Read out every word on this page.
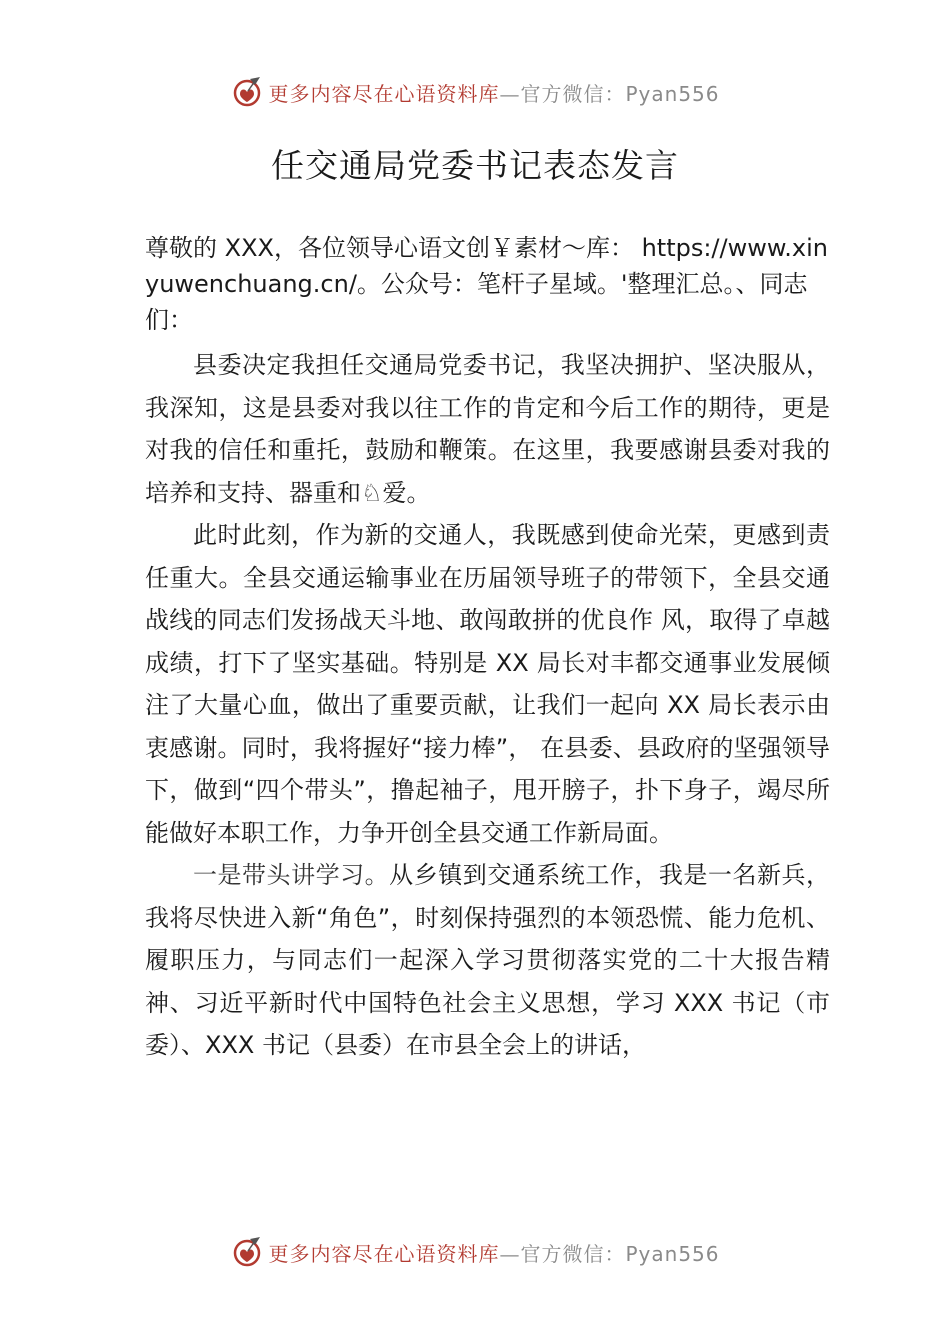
更多内容尽在心语资料库—官方微信：Pyan556
任交通局党委书记表态发言

尊敬的 XXX，各位领导心语文创￥素材～库： https://www.xinyuwenchuang.cn/。公众号：笔杆子星域。'整理汇总。、同志们：

县委决定我担任交通局党委书记，我坚决拥护、坚决服从，我深知，这是县委对我以往工作的肯定和今后工作的期待，更是对我的信任和重托，鼓励和鞭策。在这里，我要感谢县委对我的培养和支持、器重和♘爱。

此时此刻，作为新的交通人，我既感到使命光荣，更感到责任重大。全县交通运输事业在历届领导班子的带领下，全县交通战线的同志们发扬战天斗地、敢闯敢拼的优良作 风，取得了卓越成绩，打下了坚实基础。特别是 XX 局长对丰都交通事业发展倾注了大量心血，做出了重要贡献，让我们一起向 XX 局长表示由衷感谢。同时，我将握好“接力棒”， 在县委、县政府的坚强领导下，做到“四个带头”，撸起袖子，甩开膀子，扑下身子，竭尽所能做好本职工作，力争开创全县交通工作新局面。

一是带头讲学习。从乡镇到交通系统工作，我是一名新兵，我将尽快进入新“角色”，时刻保持强烈的本领恐慌、能力危机、履职压力，与同志们一起深入学习贯彻落实党的二十大报告精神、习近平新时代中国特色社会主义思想，学习 XXX 书记（市委）、XXX 书记（县委）在市县全会上的讲话，

更多内容尽在心语资料库—官方微信：Pyan556
